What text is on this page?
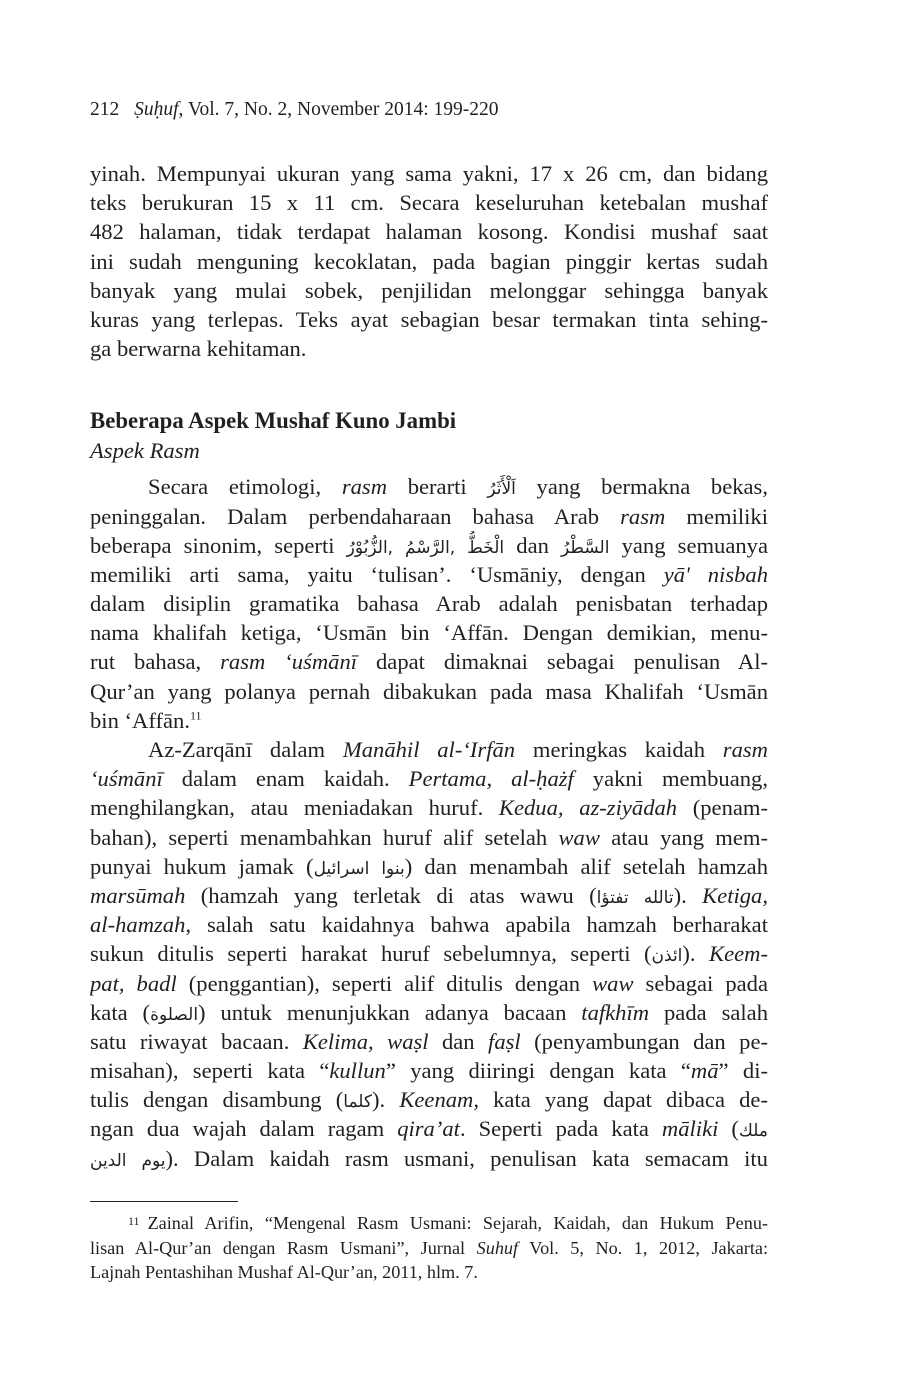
212 Ṣuḥuf, Vol. 7, No. 2, November 2014: 199-220
yinah. Mempunyai ukuran yang sama yakni, 17 x 26 cm, dan bidang
teks berukuran 15 x 11 cm. Secara keseluruhan ketebalan mushaf
482 halaman, tidak terdapat halaman kosong. Kondisi mushaf saat
ini sudah menguning kecoklatan, pada bagian pinggir kertas sudah
banyak yang mulai sobek, penjilidan melonggar sehingga banyak
kuras yang terlepas. Teks ayat sebagian besar termakan tinta sehing-
ga berwarna kehitaman.
Beberapa Aspek Mushaf Kuno Jambi
Aspek Rasm
Secara etimologi, rasm berarti اَلْأَثَرُ yang bermakna bekas,
peninggalan. Dalam perbendaharaan bahasa Arab rasm memiliki
beberapa sinonim, seperti الْخَطُّ ,الرَّسْمُ ,الزُّبُوْرُ dan السَّطْرُ yang semuanya
memiliki arti sama, yaitu ‘tulisan’. ‘Usmāniy, dengan yā' nisbah
dalam disiplin gramatika bahasa Arab adalah penisbatan terhadap
nama khalifah ketiga, ‘Usmān bin ‘Affān. Dengan demikian, menu-
rut bahasa, rasm ‘uśmānī dapat dimaknai sebagai penulisan Al-
Qur’an yang polanya pernah dibakukan pada masa Khalifah ‘Usmān
bin ‘Affān.$^{11}$
Az-Zarqānī dalam Manāhil al-‘Irfān meringkas kaidah rasm
‘uśmānī dalam enam kaidah. Pertama, al-ḥażf yakni membuang,
menghilangkan, atau meniadakan huruf. Kedua, az-ziyādah (penam-
bahan), seperti menambahkan huruf alif setelah waw atau yang mem-
punyai hukum jamak (بنوا اسرائيل) dan menambah alif setelah hamzah
marsūmah (hamzah yang terletak di atas wawu (تالله تفتؤا). Ketiga,
al-hamzah, salah satu kaidahnya bahwa apabila hamzah berharakat
sukun ditulis seperti harakat huruf sebelumnya, seperti (ائذن). Keem-
pat, badl (penggantian), seperti alif ditulis dengan waw sebagai pada
kata (الصلوة) untuk menunjukkan adanya bacaan tafkhīm pada salah
satu riwayat bacaan. Kelima, waṣl dan faṣl (penyambungan dan pe-
misahan), seperti kata “kullun” yang diiringi dengan kata “mā” di-
tulis dengan disambung (كلما). Keenam, kata yang dapat dibaca de-
ngan dua wajah dalam ragam qira’at. Seperti pada kata māliki (ملك
يوم الدين). Dalam kaidah rasm usmani, penulisan kata semacam itu
$^{11}$ Zainal Arifin, “Mengenal Rasm Usmani: Sejarah, Kaidah, dan Hukum Penu-
lisan Al-Qur’an dengan Rasm Usmani”, Jurnal Suhuf Vol. 5, No. 1, 2012, Jakarta:
Lajnah Pentashihan Mushaf Al-Qur’an, 2011, hlm. 7.
